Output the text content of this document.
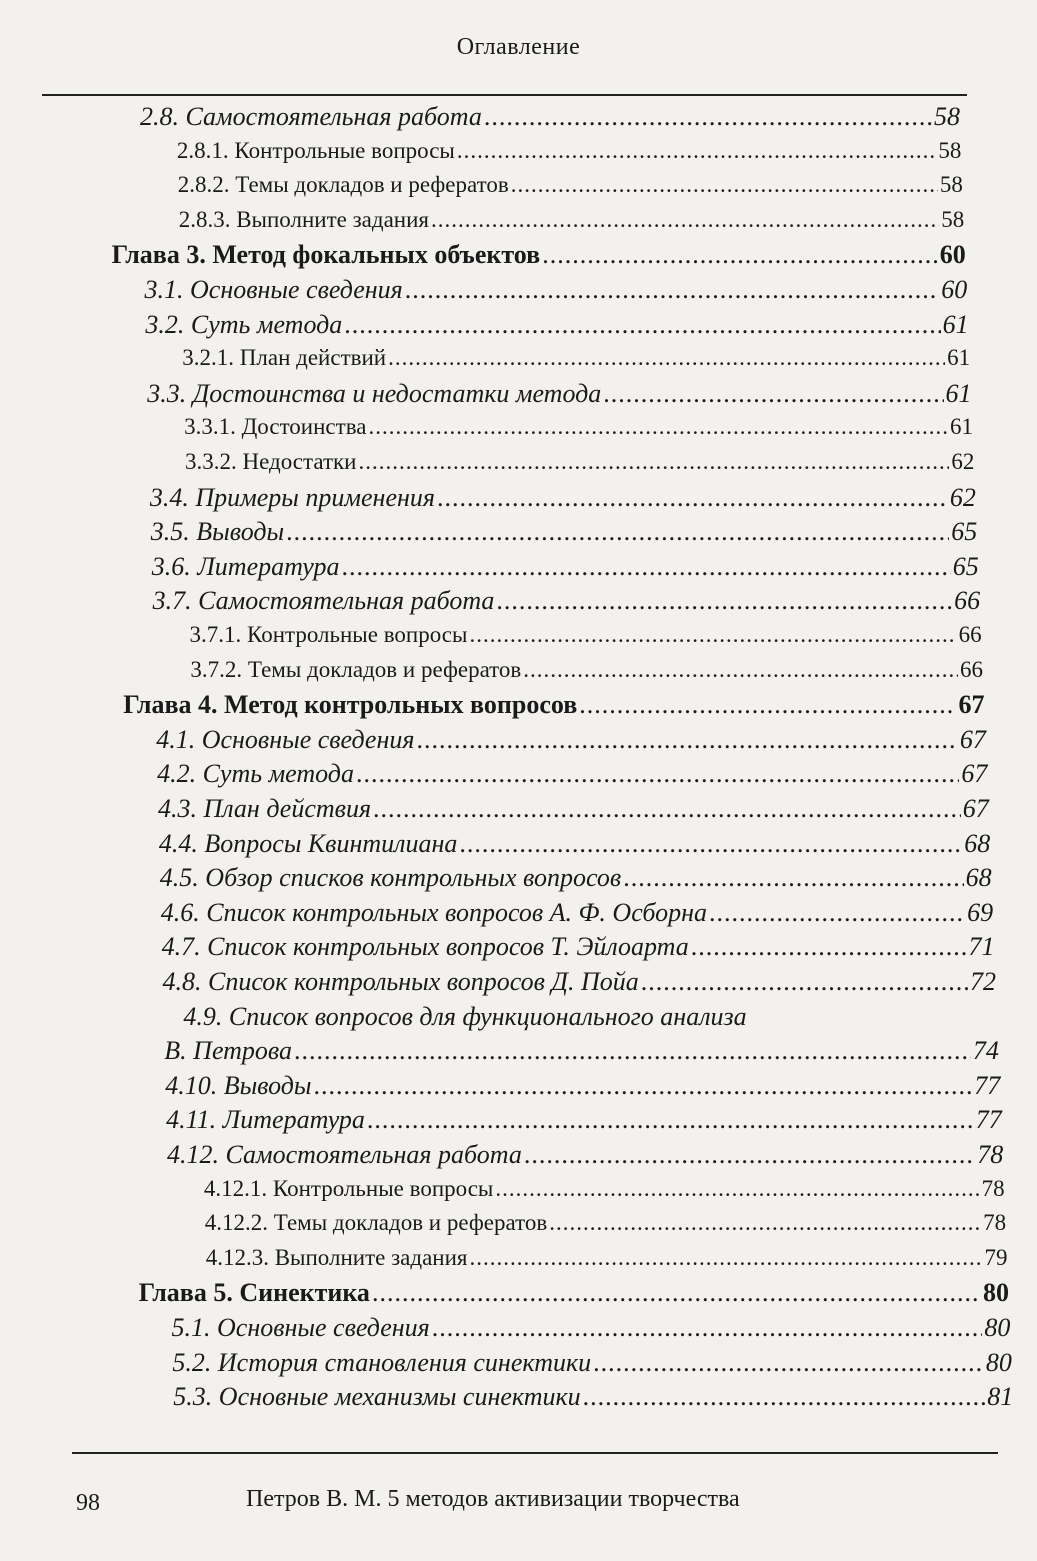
Оглавление
2.8. Самостоятельная работа .....	58
2.8.1. Контрольные вопросы .....	58
2.8.2. Темы докладов и рефератов .....	58
2.8.3. Выполните задания .....	58
Глава 3. Метод фокальных объектов .....	60
3.1. Основные сведения .....	60
3.2. Суть метода .....	61
3.2.1. План действий .....	61
3.3. Достоинства и недостатки метода .....	61
3.3.1. Достоинства .....	61
3.3.2. Недостатки .....	62
3.4. Примеры применения .....	62
3.5. Выводы .....	65
3.6. Литература .....	65
3.7. Самостоятельная работа .....	66
3.7.1. Контрольные вопросы .....	66
3.7.2. Темы докладов и рефератов .....	66
Глава 4. Метод контрольных вопросов .....	67
4.1. Основные сведения .....	67
4.2. Суть метода .....	67
4.3. План действия .....	67
4.4. Вопросы Квинтилиана .....	68
4.5. Обзор списков контрольных вопросов .....	68
4.6. Список контрольных вопросов А. Ф. Осборна .....	69
4.7. Список контрольных вопросов Т. Эйлоарта .....	71
4.8. Список контрольных вопросов Д. Пойа .....	72
4.9. Список вопросов для функционального анализа
В. Петрова .....	74
4.10. Выводы .....	77
4.11. Литература .....	77
4.12. Самостоятельная работа .....	78
4.12.1. Контрольные вопросы .....	78
4.12.2. Темы докладов и рефератов .....	78
4.12.3. Выполните задания .....	79
Глава 5. Синектика .....	80
5.1. Основные сведения .....	80
5.2. История становления синектики .....	80
5.3. Основные механизмы синектики .....	81
98	Петров В. М. 5 методов активизации творчества
